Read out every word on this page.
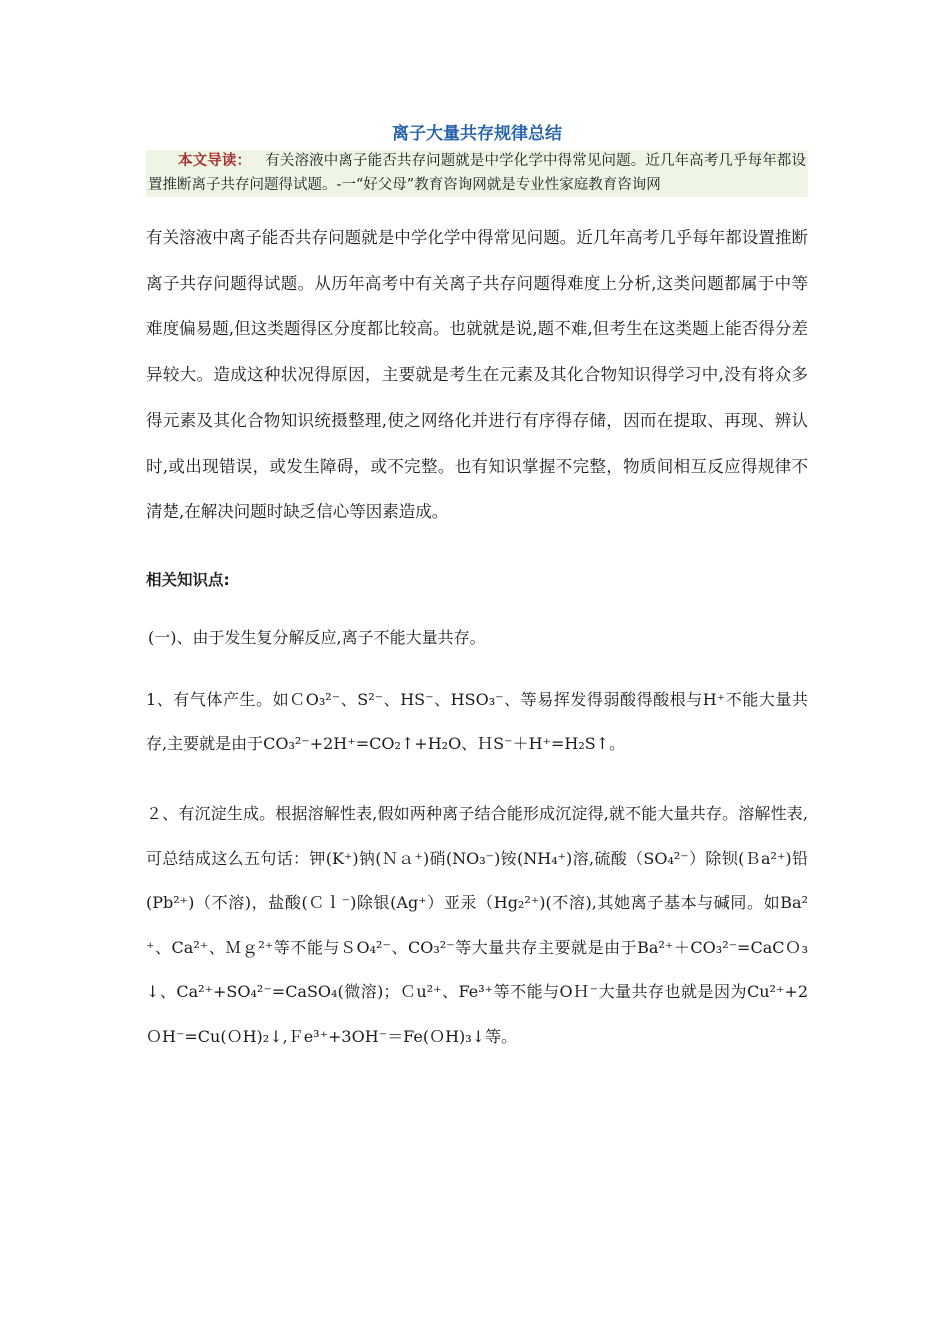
离子大量共存规律总结

本文导读： 有关溶液中离子能否共存问题就是中学化学中得常见问题。近几年高考几乎每年都设置推断离子共存问题得试题。-一“好父母”教育咨询网就是专业性家庭教育咨询网

有关溶液中离子能否共存问题就是中学化学中得常见问题。近几年高考几乎每年都设置推断离子共存问题得试题。从历年高考中有关离子共存问题得难度上分析,这类问题都属于中等难度偏易题,但这类题得区分度都比较高。也就就是说,题不难,但考生在这类题上能否得分差异较大。造成这种状况得原因，主要就是考生在元素及其化合物知识得学习中,没有将众多得元素及其化合物知识统摄整理,使之网络化并进行有序得存储，因而在提取、再现、辨认时,或出现错误，或发生障碍，或不完整。也有知识掌握不完整，物质间相互反应得规律不清楚,在解决问题时缺乏信心等因素造成。

相关知识点:

(一)、由于发生复分解反应,离子不能大量共存。

1、有气体产生。如ＣO₃²⁻、S²⁻、HS⁻、HSO₃⁻、等易挥发得弱酸得酸根与H⁺不能大量共存,主要就是由于CO₃²⁻+2H⁺=CO₂↑+H₂O、ＨS⁻＋H⁺=H₂S↑。

２、有沉淀生成。根据溶解性表,假如两种离子结合能形成沉淀得,就不能大量共存。溶解性表,可总结成这么五句话：钾(K⁺)钠(Ｎａ⁺)硝(NO₃⁻)铵(NH₄⁺)溶,硫酸（SO₄²⁻）除钡(Ｂa²⁺)铅(Pb²⁺)（不溶)，盐酸(Ｃｌ⁻)除银(Ag⁺）亚汞（Hg₂²⁺)(不溶),其她离子基本与碱同。如Ba²⁺、Ca²⁺、Ｍｇ²⁺等不能与ＳO₄²⁻、CO₃²⁻等大量共存主要就是由于Ba²⁺＋CO₃²⁻=CaCＯ₃↓、Ca²⁺+SO₄²⁻=CaSO₄(微溶)；Ｃu²⁺、Fe³⁺等不能与OＨ⁻大量共存也就是因为Cu²⁺+2ＯH⁻=Cu(ＯH)₂↓,Ｆe³⁺+3OH⁻＝Fe(ＯH)₃↓等。
